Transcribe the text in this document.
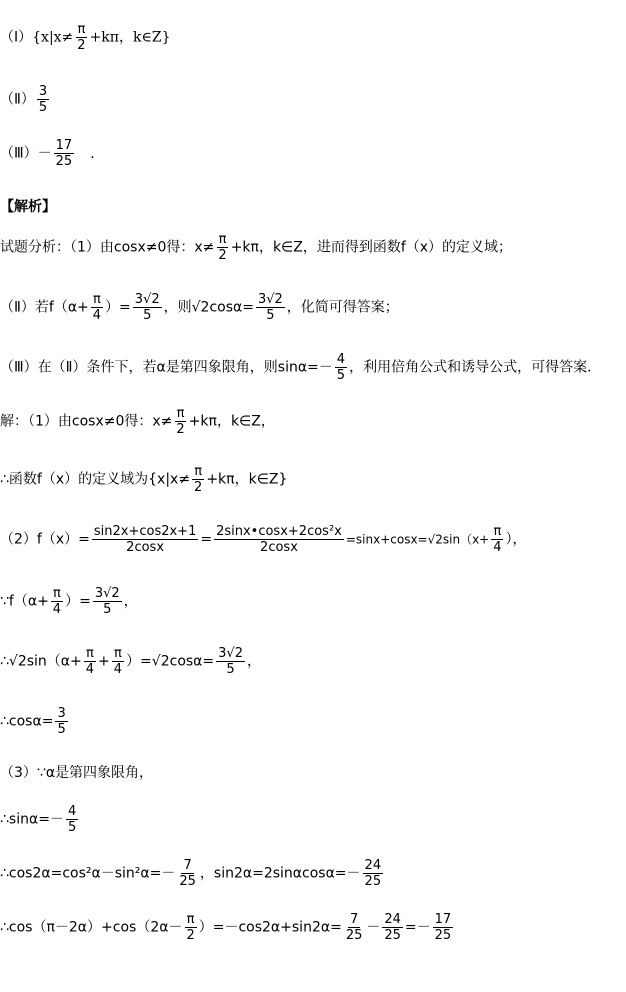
（Ⅰ）{x|x≠ $\frac{\pi}{2} +k\pi$，k∈Z}
（Ⅱ） $\frac{3}{5}$
（Ⅲ）－ $\frac{17}{25}$ ．
【解析】
试题分析：（1）由cosx≠0得：$x\ne \frac{\pi}{2} +k\pi$，k∈Z，进而得到函数f（x）的定义域；
（Ⅱ）若$f(\alpha+ \frac{\pi}{4}$ ）= $\frac{3√2}{5}$ ，则$√2\cos\alpha= \frac{3√2}{5}$ ，化简可得答案；
（Ⅲ）在（Ⅱ）条件下，若α是第四象限角，则$\sin\alpha=- \frac{4}{5}$ ，利用倍角公式和诱导公式，可得答案．
解：（1）由cosx≠0得：$x\ne \frac{\pi}{2} +k\pi$，k∈Z，
∴函数f（x）的定义域为{$x|x\ne \frac{\pi}{2} +k\pi$，k∈Z}
$(2)f(x)= \frac{\sin 2x+\cos 2x+1}{2\cos x} = \frac{\text{2sinx•cosx+2cos²x}}{2\cos x} =\sin x+\cos x=√2\sin(x+ \frac{\pi}{4}$ ），
∵f（α+ $\frac{\pi}{4}$ ）= $\frac{3√2}{5}$ ，
∴√2sin（α+ $\frac{\pi}{4} + \frac{\pi}{4} )=√2\cos\alpha= \frac{3√2}{5}$ ，
∴cosα= $\frac{3}{5}$
（3）∵α是第四象限角，
∴sinα=－ $\frac{4}{5}$
∴cos2α=cos²α－sin²α=－ $\frac{7}{25}$ ，$\sin 2\alpha=2\sin\alpha\cos\alpha=- \frac{24}{25}$
∴cos（π－2α）+cos（2α－ $\frac{\pi}{2} )=-\cos 2\alpha+\sin 2\alpha= \frac{7}{25} - \frac{24}{25} =- \frac{17}{25}$
